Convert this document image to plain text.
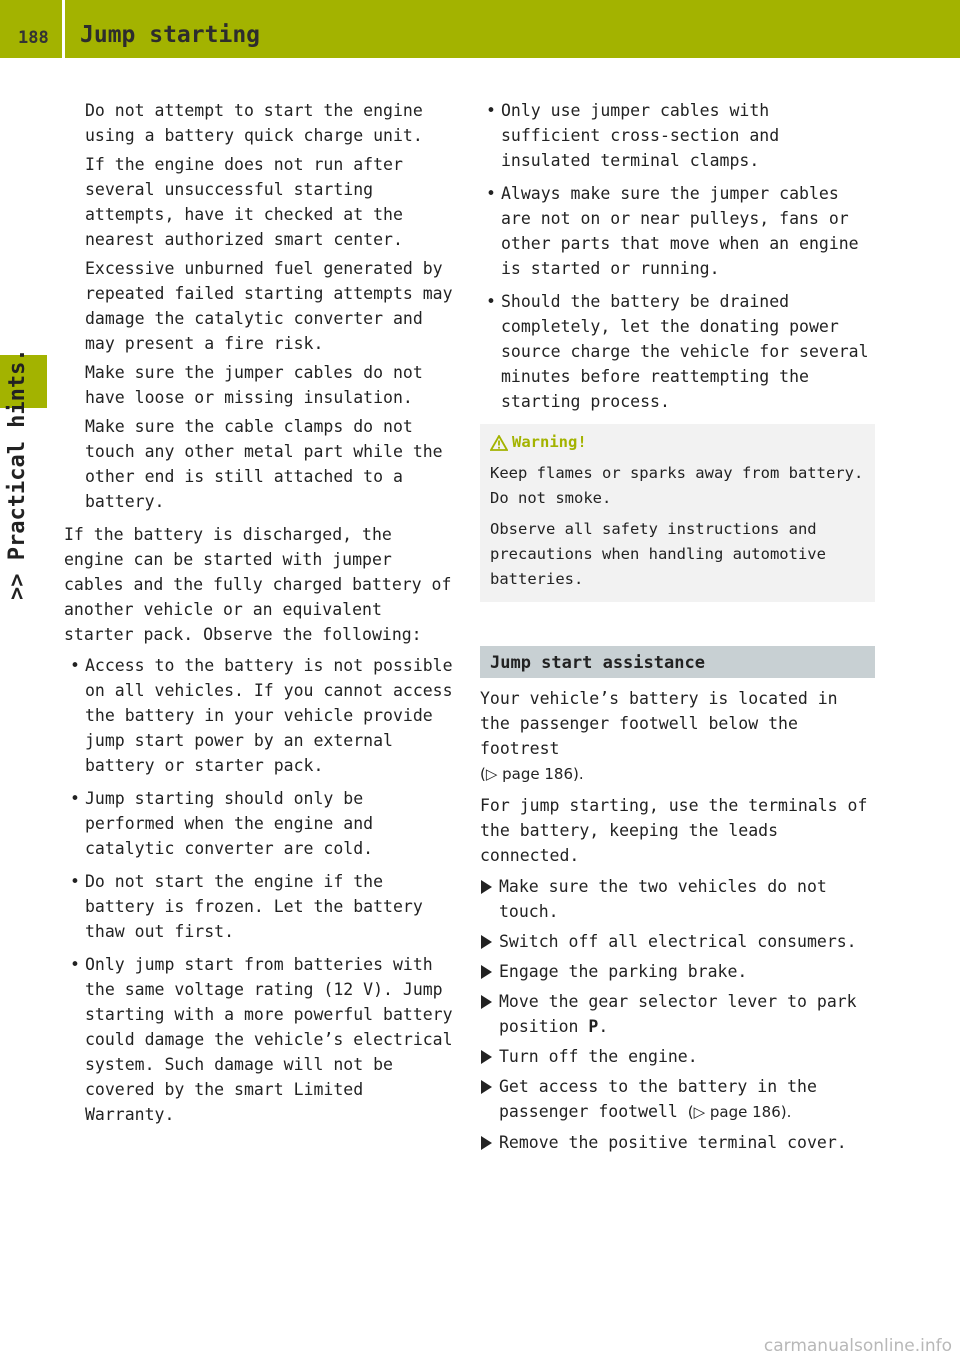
188 Jump starting
>> Practical hints.

Do not attempt to start the engine using a battery quick charge unit.

If the engine does not run after several unsuccessful starting attempts, have it checked at the nearest authorized smart center.

Excessive unburned fuel generated by repeated failed starting attempts may damage the catalytic converter and may present a fire risk.

Make sure the jumper cables do not have loose or missing insulation.

Make sure the cable clamps do not touch any other metal part while the other end is still attached to a battery.

If the battery is discharged, the engine can be started with jumper cables and the fully charged battery of another vehicle or an equivalent starter pack. Observe the following:

• Access to the battery is not possible on all vehicles. If you cannot access the battery in your vehicle provide jump start power by an external battery or starter pack.

• Jump starting should only be performed when the engine and catalytic converter are cold.

• Do not start the engine if the battery is frozen. Let the battery thaw out first.

• Only jump start from batteries with the same voltage rating (12 V). Jump starting with a more powerful battery could damage the vehicle’s electrical system. Such damage will not be covered by the smart Limited Warranty.

• Only use jumper cables with sufficient cross-section and insulated terminal clamps.

• Always make sure the jumper cables are not on or near pulleys, fans or other parts that move when an engine is started or running.

• Should the battery be drained completely, let the donating power source charge the vehicle for several minutes before reattempting the starting process.

Warning!

Keep flames or sparks away from battery. Do not smoke.

Observe all safety instructions and precautions when handling automotive batteries.

Jump start assistance

Your vehicle’s battery is located in the passenger footwell below the footrest
(▷ page 186).

For jump starting, use the terminals of the battery, keeping the leads connected.

Make sure the two vehicles do not touch.

Switch off all electrical consumers.

Engage the parking brake.

Move the gear selector lever to park position P.

Turn off the engine.

Get access to the battery in the passenger footwell (▷ page 186).

Remove the positive terminal cover.

carmanualsonline.info
